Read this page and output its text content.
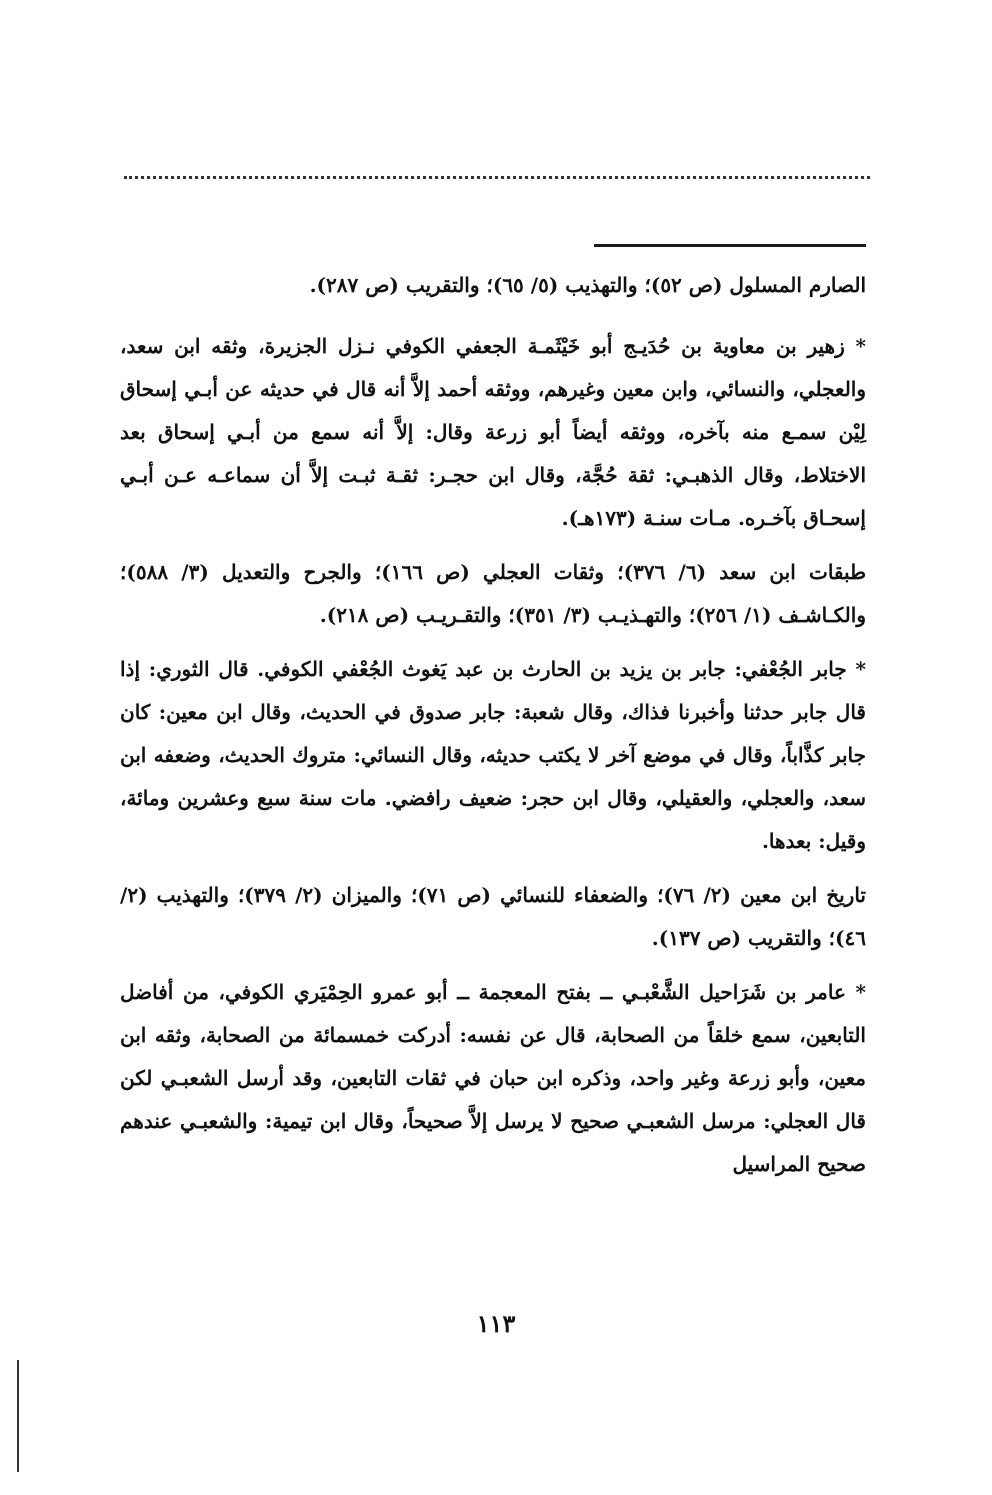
الصارم المسلول (ص ٥٢)؛ والتهذيب (٥/ ٦٥)؛ والتقريب (ص ٢٨٧).

* زهير بن معاوية بن حُدَيـج أبو خَيْثَمـة الجعفي الكوفي نـزل الجزيرة، وثقه ابن سعد، والعجلي، والنسائي، وابن معين وغيرهم، ووثقه أحمد إلاَّ أنه قال في حديثه عن أبـي إسحاق لِيْن سمـع منه بآخره، ووثقه أيضاً أبو زرعة وقال: إلاَّ أنه سمع من أبـي إسحاق بعد الاختلاط، وقال الذهبـي: ثقة حُجَّة، وقال ابن حجـر: ثقـة ثبـت إلاَّ أن سماعـه عـن أبـي إسحـاق بآخـره. مـات سنـة (١٧٣هـ).

طبقات ابن سعد (٦/ ٣٧٦)؛ وثقات العجلي (ص ١٦٦)؛ والجرح والتعديل (٣/ ٥٨٨)؛ والكـاشـف (١/ ٢٥٦)؛ والتهـذيـب (٣/ ٣٥١)؛ والتقـريـب (ص ٢١٨).

* جابر الجُعْفي: جابر بن يزيد بن الحارث بن عبد يَغوث الجُعْفي الكوفي. قال الثوري: إذا قال جابر حدثنا وأخبرنا فذاك، وقال شعبة: جابر صدوق في الحديث، وقال ابن معين: كان جابر كذَّاباً، وقال في موضع آخر لا يكتب حديثه، وقال النسائي: متروك الحديث، وضعفه ابن سعد، والعجلي، والعقيلي، وقال ابن حجر: ضعيف رافضي. مات سنة سبع وعشرين ومائة، وقيل: بعدها.

تاريخ ابن معين (٢/ ٧٦)؛ والضعفاء للنسائي (ص ٧١)؛ والميزان (٢/ ٣٧٩)؛ والتهذيب (٢/ ٤٦)؛ والتقريب (ص ١٣٧).

* عامر بن شَرَاحيل الشَّعْبـي ــ بفتح المعجمة ــ أبو عمرو الحِمْيَري الكوفي، من أفاضل التابعين، سمع خلقاً من الصحابة، قال عن نفسه: أدركت خمسمائة من الصحابة، وثقه ابن معين، وأبو زرعة وغير واحد، وذكره ابن حبان في ثقات التابعين، وقد أرسل الشعبـي لكن قال العجلي: مرسل الشعبـي صحيح لا يرسل إلاَّ صحيحاً، وقال ابن تيمية: والشعبـي عندهم صحيح المراسيل

١١٣
